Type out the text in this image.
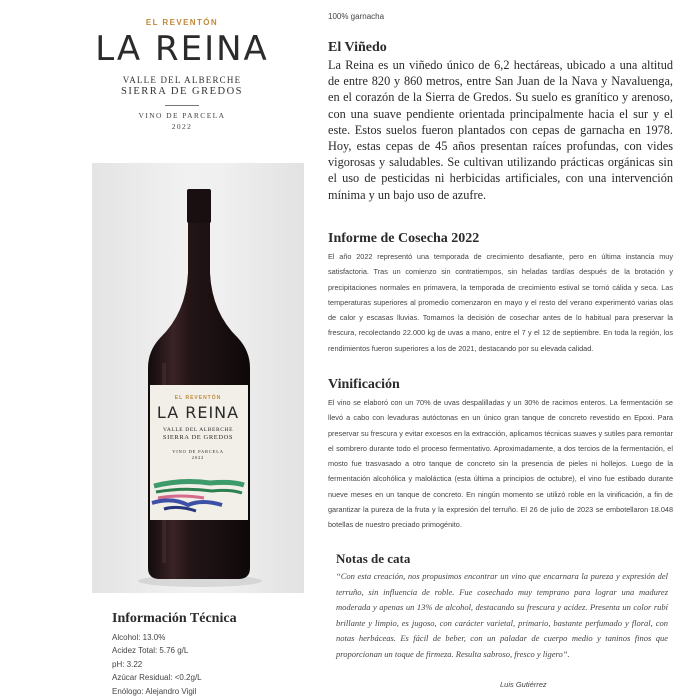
EL REVENTÓN
LA REINA
VALLE DEL ALBERCHE
SIERRA DE GREDOS
VINO DE PARCELA
2022
EL REVENTÓN
LA REINA
VALLE DEL ALBERCHE
SIERRA DE GREDOS
VINO DE PARCELA
2022
Información Técnica
Alcohol: 13.0%
Acidez Total: 5.76 g/L
pH: 3.22
Azúcar Residual: <0.2g/L
Enólogo: Alejandro Vigil
100% garnacha
El Viñedo

La Reina es un viñedo único de 6,2 hectáreas, ubicado a una altitud de entre 820 y 860 metros, entre San Juan de la Nava y Navaluenga, en el corazón de la Sierra de Gredos. Su suelo es granítico y arenoso, con una suave pendiente orientada principalmente hacia el sur y el este. Estos suelos fueron plantados con cepas de garnacha en 1978. Hoy, estas cepas de 45 años presentan raíces profundas, con vides vigorosas y saludables. Se cultivan utilizando prácticas orgánicas sin el uso de pesticidas ni herbicidas artificiales, con una intervención mínima y un bajo uso de azufre.

Informe de Cosecha 2022

El año 2022 representó una temporada de crecimiento desafiante, pero en última instancia muy satisfactoria. Tras un comienzo sin contratiempos, sin heladas tardías después de la brotación y precipitaciones normales en primavera, la temporada de crecimiento estival se tornó cálida y seca. Las temperaturas superiores al promedio comenzaron en mayo y el resto del verano experimentó varias olas de calor y escasas lluvias. Tomamos la decisión de cosechar antes de lo habitual para preservar la frescura, recolectando 22.000 kg de uvas a mano, entre el 7 y el 12 de septiembre. En toda la región, los rendimientos fueron superiores a los de 2021, destacando por su elevada calidad.

Vinificación

El vino se elaboró con un 70% de uvas despalilladas y un 30% de racimos enteros. La fermentación se llevó a cabo con levaduras autóctonas en un único gran tanque de concreto revestido en Epoxi. Para preservar su frescura y evitar excesos en la extracción, aplicamos técnicas suaves y sutiles para remontar el sombrero durante todo el proceso fermentativo. Aproximadamente, a dos tercios de la fermentación, el mosto fue trasvasado a otro tanque de concreto sin la presencia de pieles ni hollejos. Luego de la fermentación alcohólica y maloláctica (esta última a principios de octubre), el vino fue estibado durante nueve meses en un tanque de concreto. En ningún momento se utilizó roble en la vinificación, a fin de garantizar la pureza de la fruta y la expresión del terruño. El 26 de julio de 2023 se embotellaron 18.048 botellas de nuestro preciado primogénito.

Notas de cata

“Con esta creación, nos propusimos encontrar un vino que encarnara la pureza y expresión del terruño, sin influencia de roble. Fue cosechado muy temprano para lograr una madurez moderada y apenas un 13% de alcohol, destacando su frescura y acidez. Presenta un color rubí brillante y limpio, es jugoso, con carácter varietal, primario, bastante perfumado y floral, con notas herbáceas. Es fácil de beber, con un paladar de cuerpo medio y taninos finos que proporcionan un toque de firmeza. Resulta sabroso, fresco y ligero”.

Luis Gutiérrez
